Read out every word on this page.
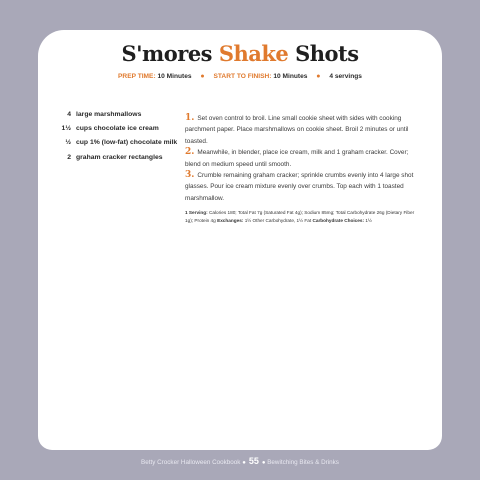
S'mores Shake Shots
PREP TIME: 10 Minutes ● START TO FINISH: 10 Minutes ● 4 servings
4 large marshmallows
1½ cups chocolate ice cream
½ cup 1% (low-fat) chocolate milk
2 graham cracker rectangles

1. Set oven control to broil. Line small cookie sheet with sides with cooking parchment paper. Place marshmallows on cookie sheet. Broil 2 minutes or until toasted.

2. Meanwhile, in blender, place ice cream, milk and 1 graham cracker. Cover; blend on medium speed until smooth.

3. Crumble remaining graham cracker; sprinkle crumbs evenly into 4 large shot glasses. Pour ice cream mixture evenly over crumbs. Top each with 1 toasted marshmallow.

1 Serving: Calories 180; Total Fat 7g (Saturated Fat 4g); Sodium 85mg; Total Carbohydrate 26g (Dietary Fiber 1g); Protein 4g Exchanges: 1½ Other Carbohydrate, 1½ Fat Carbohydrate Choices: 1½

Betty Crocker Halloween Cookbook ● 55 ● Bewitching Bites & Drinks
